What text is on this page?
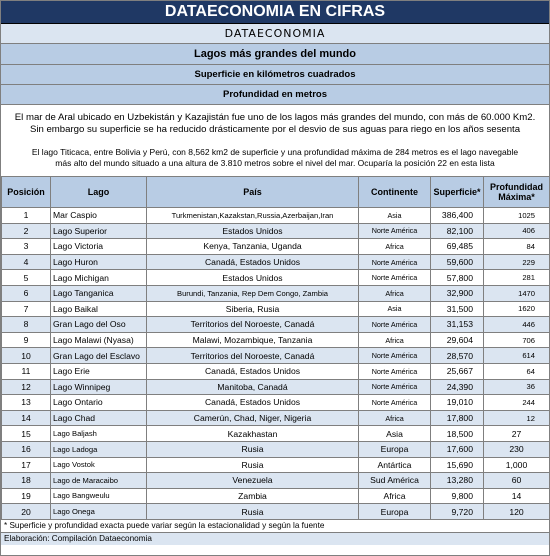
DATAECONOMIA EN CIFRAS
DATAECONOMIA
Lagos más grandes del mundo
Superficie en kilómetros cuadrados
Profundidad en metros
El mar de Aral ubicado en Uzbekistán y Kazajistán fue uno de los lagos más grandes del mundo, con más de 60.000 Km2. Sin embargo su superficie se ha reducido drásticamente por el desvio de sus aguas para riego en los años sesenta
El lago Titicaca, entre Bolivia y Perú, con 8,562 km2 de superficie y una profundidad máxima de 284 metros es el lago navegable más alto del mundo situado a una altura de 3.810 metros sobre el nivel del mar. Ocuparía la posición 22 en esta lista
Posición	Lago	País	Continente	Superficie*	Profundidad Máxima*
1	Mar Caspio	Turkmenistan,Kazakstan,Russia,Azerbaijan,Iran	Asia	386,400	1025
2	Lago Superior	Estados Unidos	Norte América	82,100	406
3	Lago Victoria	Kenya, Tanzania, Uganda	Africa	69,485	84
4	Lago Huron	Canadá, Estados Unidos	Norte América	59,600	229
5	Lago Michigan	Estados Unidos	Norte América	57,800	281
6	Lago Tanganica	Burundi, Tanzania, Rep Dem Congo, Zambia	Africa	32,900	1470
7	Lago Baikal	Siberia, Rusia	Asia	31,500	1620
8	Gran Lago del Oso	Territorios del Noroeste, Canadá	Norte América	31,153	446
9	Lago Malawi (Nyasa)	Malawi, Mozambique, Tanzania	Africa	29,604	706
10	Gran Lago del Esclavo	Territorios del Noroeste, Canadá	Norte América	28,570	614
11	Lago Erie	Canadá, Estados Unidos	Norte América	25,667	64
12	Lago Winnipeg	Manitoba, Canadá	Norte América	24,390	36
13	Lago Ontario	Canadá, Estados Unidos	Norte América	19,010	244
14	Lago Chad	Camerún, Chad, Niger, Nigeria	Africa	17,800	12
15	Lago Baljash	Kazakhastan	Asia	18,500	27
16	Lago Ladoga	Rusia	Europa	17,600	230
17	Lago Vostok	Rusia	Antártica	15,690	1,000
18	Lago de Maracaibo	Venezuela	Sud América	13,280	60
19	Lago Bangweulu	Zambia	Africa	9,800	14
20	Lago Onega	Rusia	Europa	9,720	120
* Superficie y profundidad exacta puede variar según la estacionalidad y según la fuente
Elaboración: Compilación Dataeconomia
